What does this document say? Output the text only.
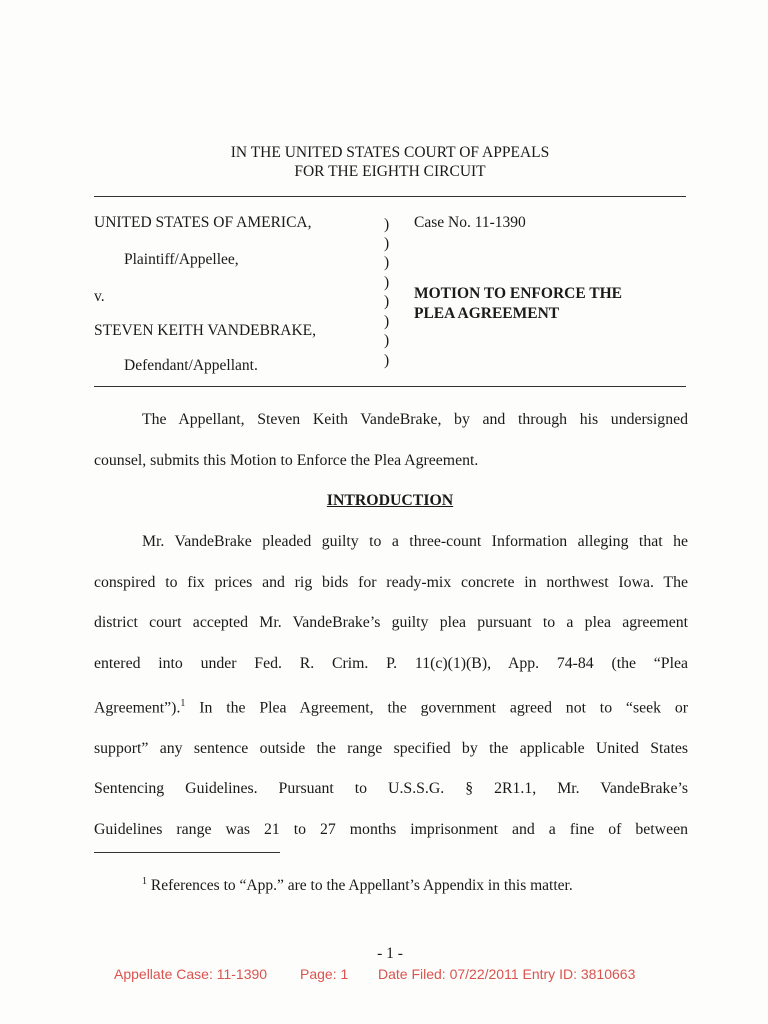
IN THE UNITED STATES COURT OF APPEALS
FOR THE EIGHTH CIRCUIT
UNITED STATES OF AMERICA,
Plaintiff/Appellee,
v.
STEVEN KEITH VANDEBRAKE,
Defendant/Appellant.
)
)
)
)
)
)
)
)
Case No. 11-1390
MOTION TO ENFORCE THE
PLEA AGREEMENT
The Appellant, Steven Keith VandeBrake, by and through his undersigned
counsel, submits this Motion to Enforce the Plea Agreement.
INTRODUCTION
Mr. VandeBrake pleaded guilty to a three-count Information alleging that he
conspired to fix prices and rig bids for ready-mix concrete in northwest Iowa. The
district court accepted Mr. VandeBrake’s guilty plea pursuant to a plea agreement
entered into under Fed. R. Crim. P. 11(c)(1)(B), App. 74-84 (the “Plea
Agreement”).$^1$ In the Plea Agreement, the government agreed not to “seek or
support” any sentence outside the range specified by the applicable United States
Sentencing Guidelines. Pursuant to U.S.S.G. § 2R1.1, Mr. VandeBrake’s
Guidelines range was 21 to 27 months imprisonment and a fine of between
$^1$ References to “App.” are to the Appellant’s Appendix in this matter.
- 1 -
Appellate Case: 11-1390 Page: 1 Date Filed: 07/22/2011 Entry ID: 3810663
